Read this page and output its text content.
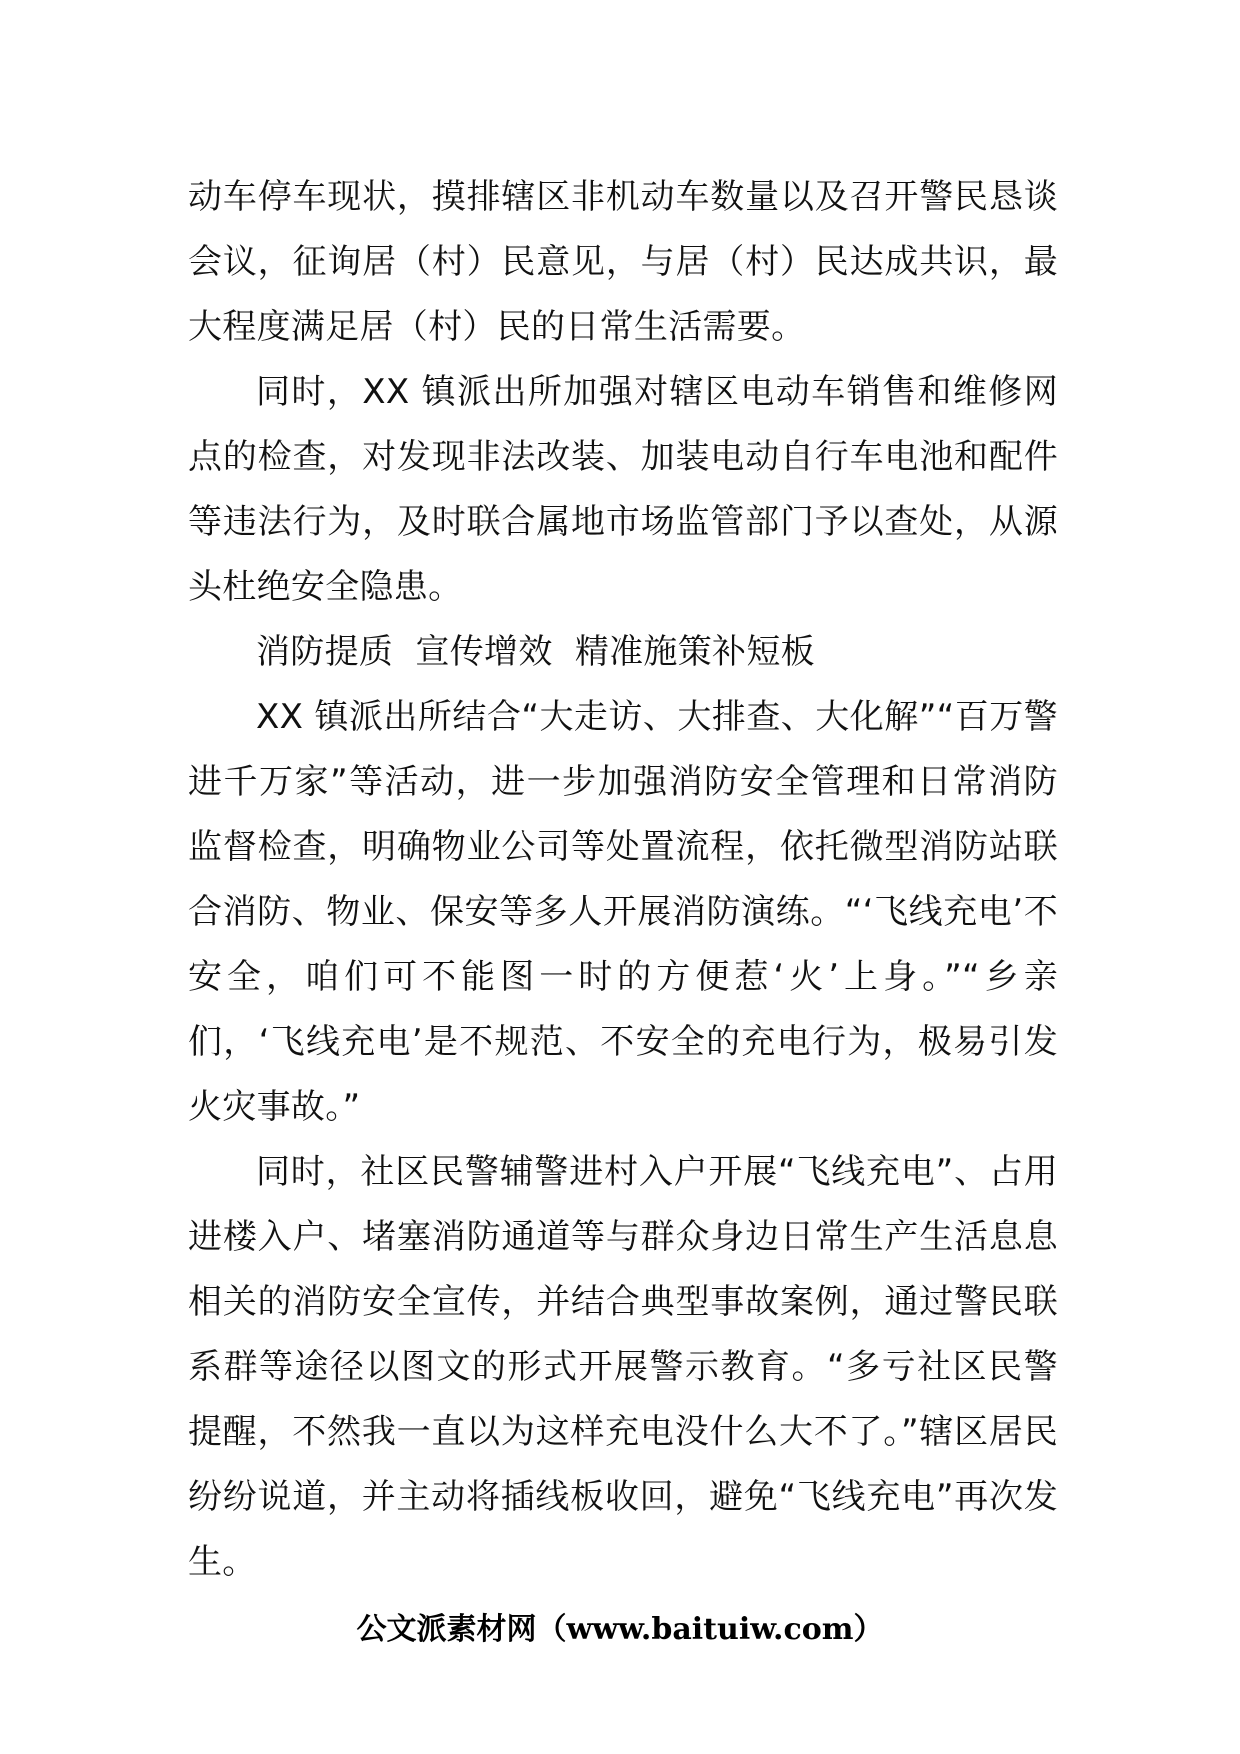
动车停车现状，摸排辖区非机动车数量以及召开警民恳谈会议，征询居（村）民意见，与居（村）民达成共识，最大程度满足居（村）民的日常生活需要。

同时，XX 镇派出所加强对辖区电动车销售和维修网点的检查，对发现非法改装、加装电动自行车电池和配件等违法行为，及时联合属地市场监管部门予以查处，从源头杜绝安全隐患。

消防提质  宣传增效  精准施策补短板

XX 镇派出所结合“大走访、大排查、大化解”“百万警进千万家”等活动，进一步加强消防安全管理和日常消防监督检查，明确物业公司等处置流程，依托微型消防站联合消防、物业、保安等多人开展消防演练。“‘飞线充电’不安全，咱们可不能图一时的方便惹‘火’上身。”“乡亲们，‘飞线充电’是不规范、不安全的充电行为，极易引发火灾事故。”

同时，社区民警辅警进村入户开展“飞线充电”、占用进楼入户、堵塞消防通道等与群众身边日常生产生活息息相关的消防安全宣传，并结合典型事故案例，通过警民联系群等途径以图文的形式开展警示教育。“多亏社区民警提醒，不然我一直以为这样充电没什么大不了。”辖区居民纷纷说道，并主动将插线板收回，避免“飞线充电”再次发生。

公文派素材网（www.baituiw.com）
